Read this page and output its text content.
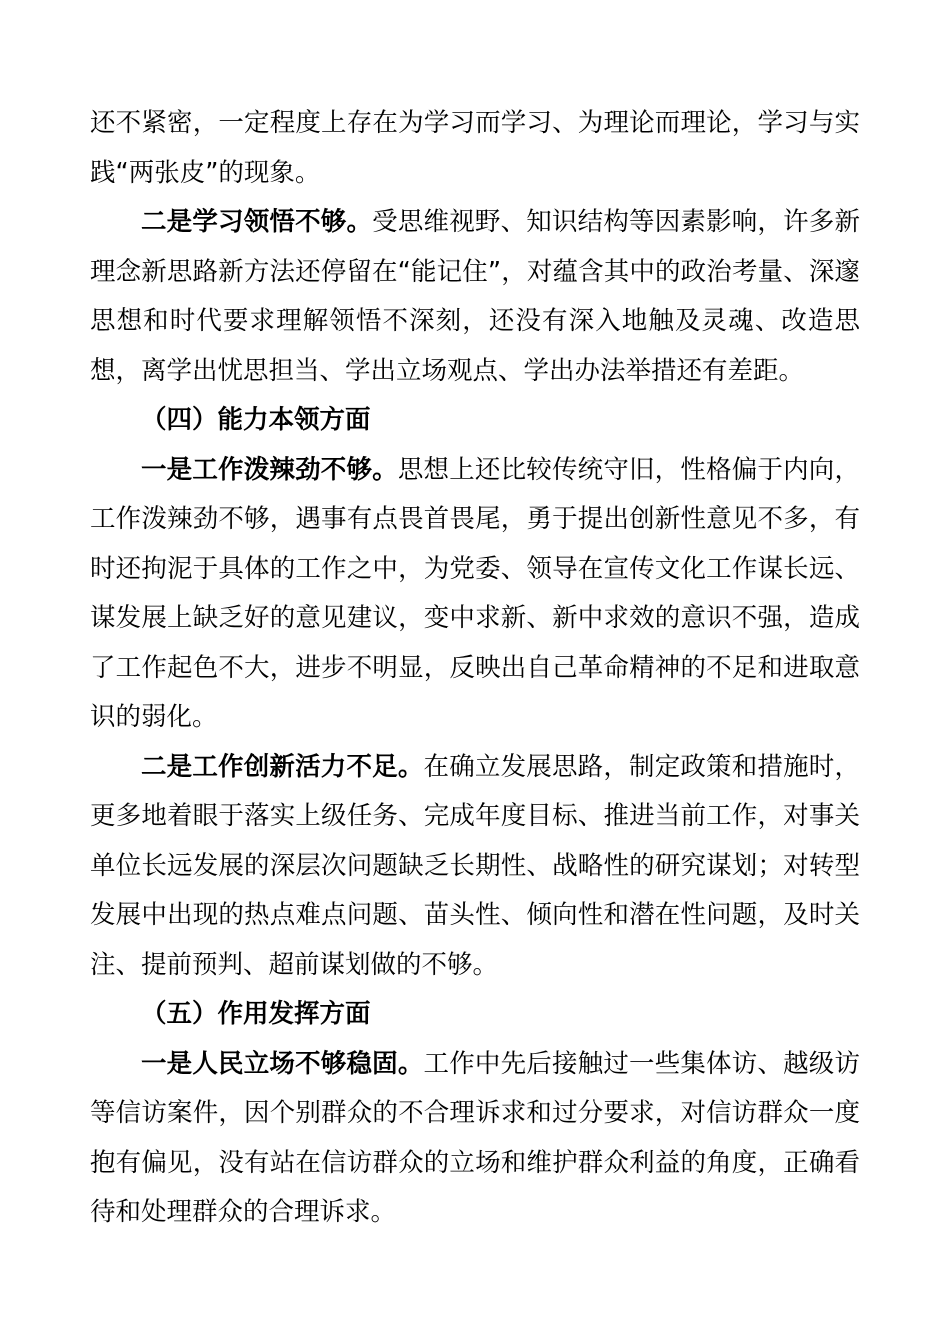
还不紧密，一定程度上存在为学习而学习、为理论而理论，学习与实践“两张皮”的现象。

二是学习领悟不够。受思维视野、知识结构等因素影响，许多新理念新思路新方法还停留在“能记住”，对蕴含其中的政治考量、深邃思想和时代要求理解领悟不深刻，还没有深入地触及灵魂、改造思想，离学出忧思担当、学出立场观点、学出办法举措还有差距。

（四）能力本领方面

一是工作泼辣劲不够。思想上还比较传统守旧，性格偏于内向，工作泼辣劲不够，遇事有点畏首畏尾，勇于提出创新性意见不多，有时还拘泥于具体的工作之中，为党委、领导在宣传文化工作谋长远、谋发展上缺乏好的意见建议，变中求新、新中求效的意识不强，造成了工作起色不大，进步不明显，反映出自己革命精神的不足和进取意识的弱化。

二是工作创新活力不足。在确立发展思路，制定政策和措施时，更多地着眼于落实上级任务、完成年度目标、推进当前工作，对事关单位长远发展的深层次问题缺乏长期性、战略性的研究谋划；对转型发展中出现的热点难点问题、苗头性、倾向性和潜在性问题，及时关注、提前预判、超前谋划做的不够。

（五）作用发挥方面

一是人民立场不够稳固。工作中先后接触过一些集体访、越级访等信访案件，因个别群众的不合理诉求和过分要求，对信访群众一度抱有偏见，没有站在信访群众的立场和维护群众利益的角度，正确看待和处理群众的合理诉求。
